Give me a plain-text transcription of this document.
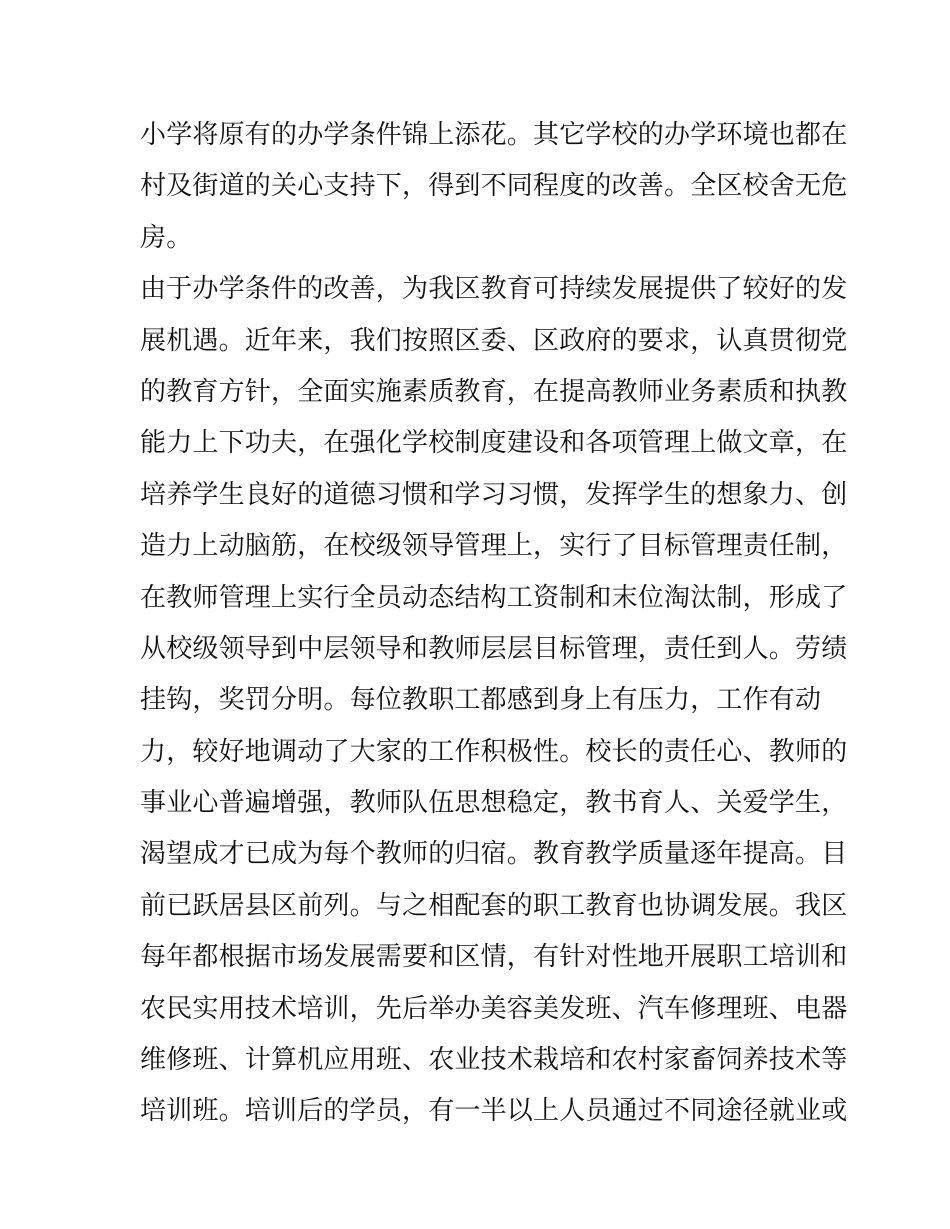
小学将原有的办学条件锦上添花。其它学校的办学环境也都在
村及街道的关心支持下，得到不同程度的改善。全区校舍无危
房。
由于办学条件的改善，为我区教育可持续发展提供了较好的发
展机遇。近年来，我们按照区委、区政府的要求，认真贯彻党
的教育方针，全面实施素质教育，在提高教师业务素质和执教
能力上下功夫，在强化学校制度建设和各项管理上做文章，在
培养学生良好的道德习惯和学习习惯，发挥学生的想象力、创
造力上动脑筋，在校级领导管理上，实行了目标管理责任制，
在教师管理上实行全员动态结构工资制和末位淘汰制，形成了
从校级领导到中层领导和教师层层目标管理，责任到人。劳绩
挂钩，奖罚分明。每位教职工都感到身上有压力，工作有动
力，较好地调动了大家的工作积极性。校长的责任心、教师的
事业心普遍增强，教师队伍思想稳定，教书育人、关爱学生，
渴望成才已成为每个教师的归宿。教育教学质量逐年提高。目
前已跃居县区前列。与之相配套的职工教育也协调发展。我区
每年都根据市场发展需要和区情，有针对性地开展职工培训和
农民实用技术培训，先后举办美容美发班、汽车修理班、电器
维修班、计算机应用班、农业技术栽培和农村家畜饲养技术等
培训班。培训后的学员，有一半以上人员通过不同途径就业或
